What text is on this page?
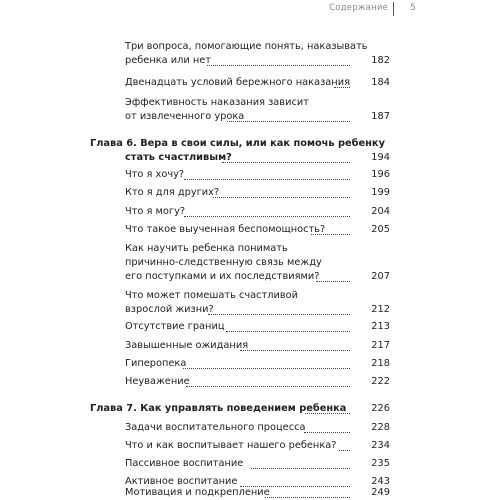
Содержание 5
Три вопроса, помогающие понять, наказывать
ребенка или нет	182
Двенадцать условий бережного наказания	184
Эффективность наказания зависит
от извлеченного урока	187
Глава 6. Вера в свои силы, или как помочь ребенку
стать счастливым?	194
Что я хочу?	196
Кто я для других?	199
Что я могу?	204
Что такое выученная беспомощность?	205
Как научить ребенка понимать
причинно-следственную связь между
его поступками и их последствиями?	207
Что может помешать счастливой
взрослой жизни?	212
Отсутствие границ	213
Завышенные ожидания	217
Гиперопека	218
Неуважение	222
Глава 7. Как управлять поведением ребенка	226
Задачи воспитательного процесса	228
Что и как воспитывает нашего ребенка?	234
Пассивное воспитание	235
Активное воспитание	243
Мотивация и подкрепление	249
